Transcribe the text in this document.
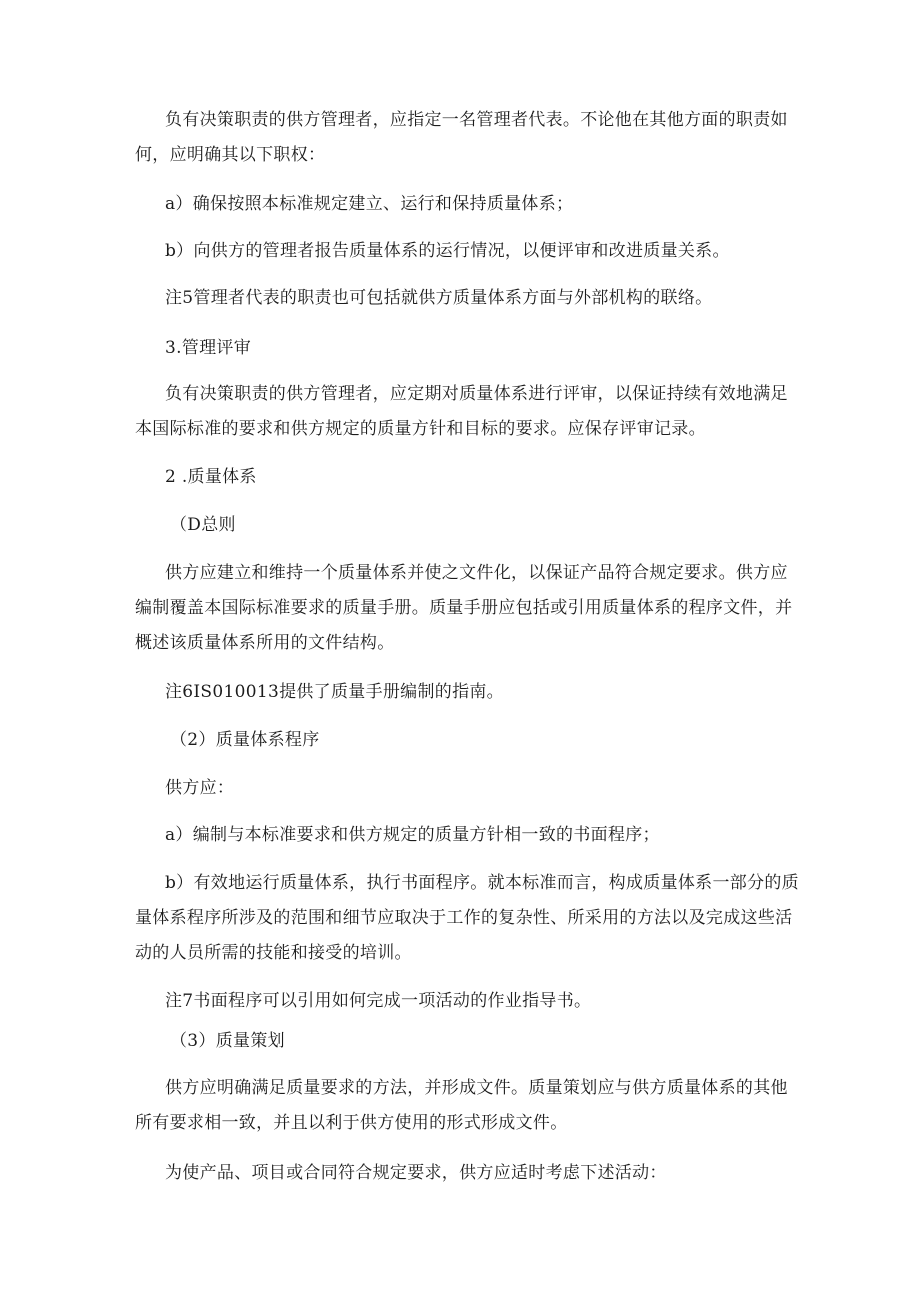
负有决策职责的供方管理者，应指定一名管理者代表。不论他在其他方面的职责如
何，应明确其以下职权：
a）确保按照本标准规定建立、运行和保持质量体系；
b）向供方的管理者报告质量体系的运行情况，以便评审和改进质量关系。
注5管理者代表的职责也可包括就供方质量体系方面与外部机构的联络。
3.管理评审
负有决策职责的供方管理者，应定期对质量体系进行评审，以保证持续有效地满足
本国际标准的要求和供方规定的质量方针和目标的要求。应保存评审记录。
2 .质量体系
（D总则
供方应建立和维持一个质量体系并使之文件化，以保证产品符合规定要求。供方应
编制覆盖本国际标准要求的质量手册。质量手册应包括或引用质量体系的程序文件，并
概述该质量体系所用的文件结构。
注6IS010013提供了质量手册编制的指南。
（2）质量体系程序
供方应：
a）编制与本标准要求和供方规定的质量方针相一致的书面程序；
b）有效地运行质量体系，执行书面程序。就本标准而言，构成质量体系一部分的质
量体系程序所涉及的范围和细节应取决于工作的复杂性、所采用的方法以及完成这些活
动的人员所需的技能和接受的培训。
注7书面程序可以引用如何完成一项活动的作业指导书。
（3）质量策划
供方应明确满足质量要求的方法，并形成文件。质量策划应与供方质量体系的其他
所有要求相一致，并且以利于供方使用的形式形成文件。
为使产品、项目或合同符合规定要求，供方应适时考虑下述活动：
